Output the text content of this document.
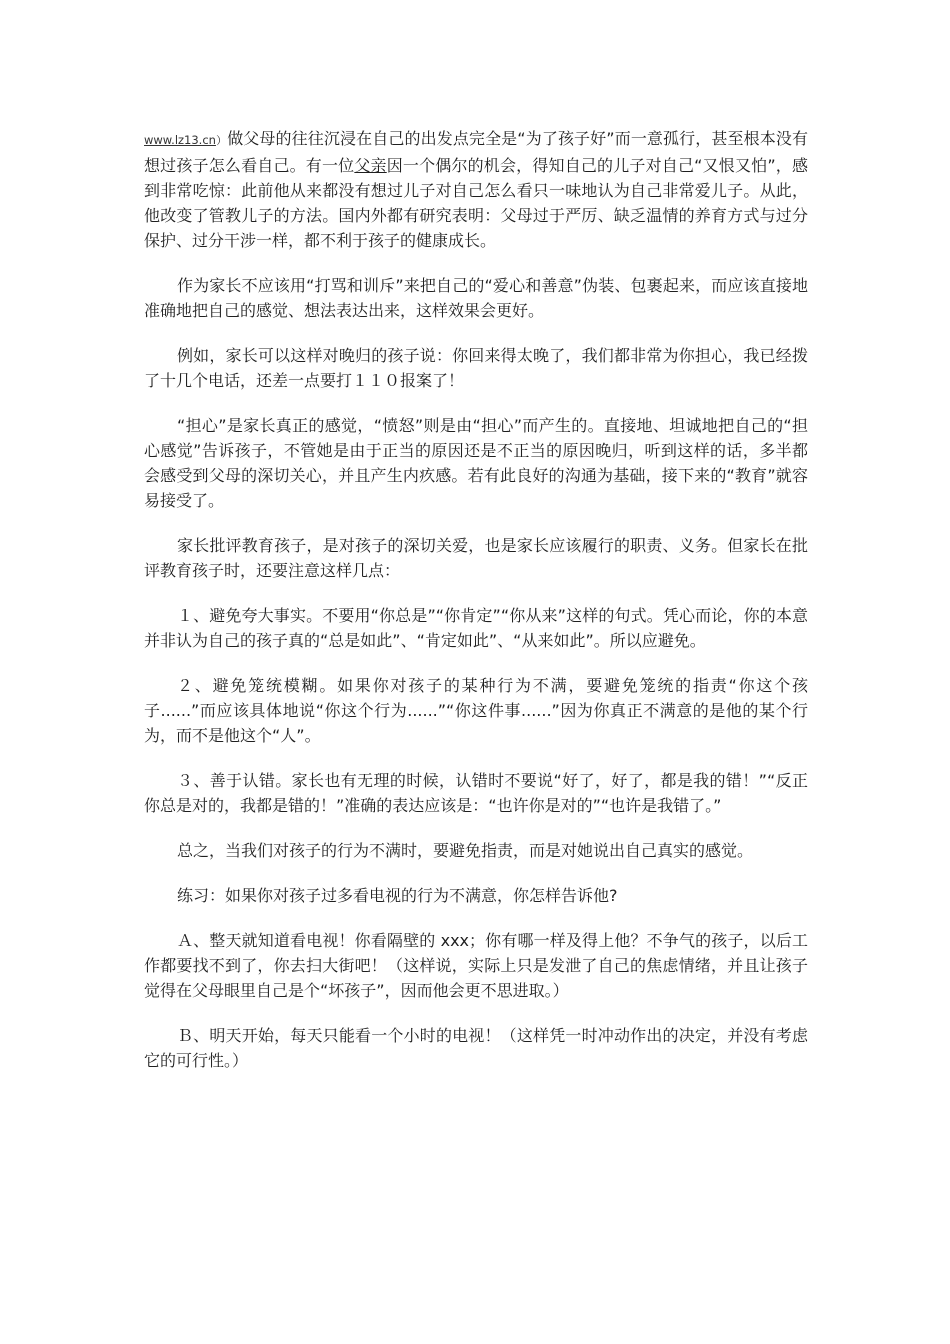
www.lz13.cn）做父母的往往沉浸在自己的出发点完全是“为了孩子好”而一意孤行，甚至根本没有想过孩子怎么看自己。有一位父亲因一个偶尔的机会，得知自己的儿子对自己“又恨又怕”，感到非常吃惊：此前他从来都没有想过儿子对自己怎么看只一味地认为自己非常爱儿子。从此，他改变了管教儿子的方法。国内外都有研究表明：父母过于严厉、缺乏温情的养育方式与过分保护、过分干涉一样，都不利于孩子的健康成长。

作为家长不应该用“打骂和训斥”来把自己的“爱心和善意”伪装、包裹起来，而应该直接地准确地把自己的感觉、想法表达出来，这样效果会更好。

例如，家长可以这样对晚归的孩子说：你回来得太晚了，我们都非常为你担心，我已经拨了十几个电话，还差一点要打１１０报案了！

“担心”是家长真正的感觉，“愤怒”则是由“担心”而产生的。直接地、坦诚地把自己的“担心感觉”告诉孩子，不管她是由于正当的原因还是不正当的原因晚归，听到这样的话，多半都会感受到父母的深切关心，并且产生内疚感。若有此良好的沟通为基础，接下来的“教育”就容易接受了。

家长批评教育孩子，是对孩子的深切关爱，也是家长应该履行的职责、义务。但家长在批评教育孩子时，还要注意这样几点：

１、避免夸大事实。不要用“你总是”“你肯定”“你从来”这样的句式。凭心而论，你的本意并非认为自己的孩子真的“总是如此”、“肯定如此”、“从来如此”。所以应避免。

２、避免笼统模糊。如果你对孩子的某种行为不满，要避免笼统的指责“你这个孩子......”而应该具体地说“你这个行为......”“你这件事......”因为你真正不满意的是他的某个行为，而不是他这个“人”。

３、善于认错。家长也有无理的时候，认错时不要说“好了，好了，都是我的错！”“反正你总是对的，我都是错的！”准确的表达应该是：“也许你是对的”“也许是我错了。”

总之，当我们对孩子的行为不满时，要避免指责，而是对她说出自己真实的感觉。

练习：如果你对孩子过多看电视的行为不满意，你怎样告诉他?

Ａ、整天就知道看电视！你看隔壁的 xxx；你有哪一样及得上他？不争气的孩子，以后工作都要找不到了，你去扫大街吧！（这样说，实际上只是发泄了自己的焦虑情绪，并且让孩子觉得在父母眼里自己是个“坏孩子”，因而他会更不思进取。）

Ｂ、明天开始，每天只能看一个小时的电视！（这样凭一时冲动作出的决定，并没有考虑它的可行性。）
